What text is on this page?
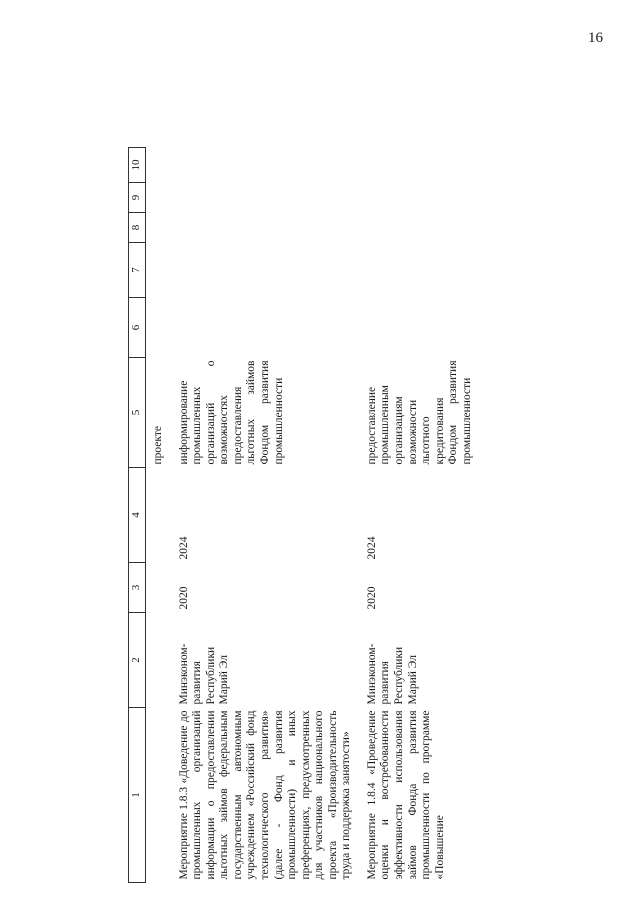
16
1	2	3	4	5	6	7	8	9	10
				проекте					
Мероприятие 1.8.3 «Доведение до промышленных организаций информации о предоставлении льготных займов федеральным государственным автономным учреждением «Российский фонд технологического развития» (далее - Фонд развития промышленности) и иных преференциях, предусмотренных для участников национального проекта «Производительность труда и поддержка занятости»	Минэконом- развития Республики Марий Эл	2020	2024	информирование промышленных организаций о возможностях предоставления льготных займов Фондом развития промышленности					
Мероприятие 1.8.4 «Проведение оценки и востребованности эффективности использования займов Фонда развития промышленности по программе «Повышение	Минэконом- развития Республики Марий Эл	2020	2024	предоставление промышленным организациям возможности льготного кредитования Фондом развития промышленности					
